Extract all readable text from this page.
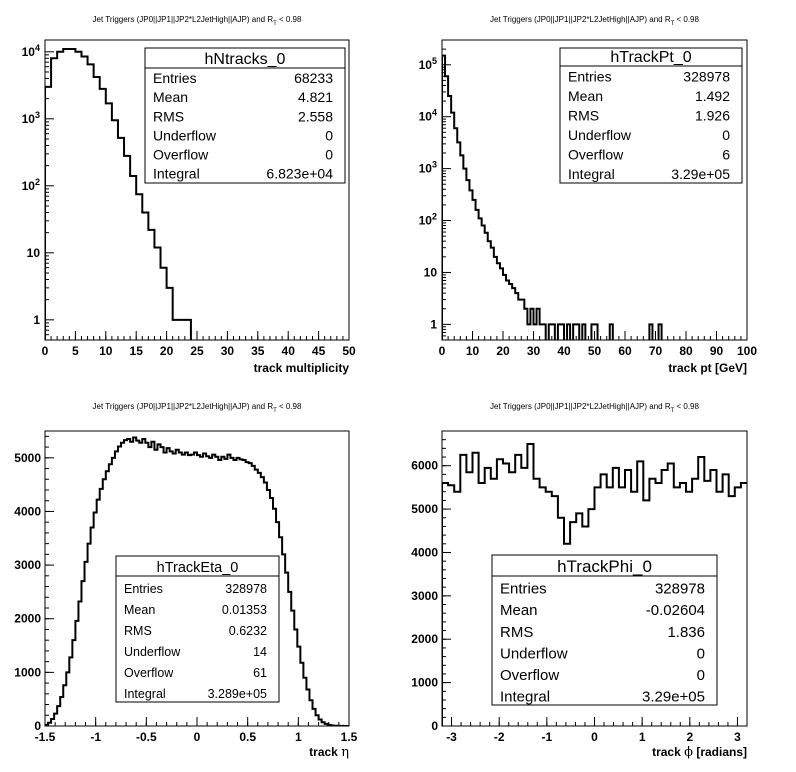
Jet Triggers (JP0||JP1||JP2*L2JetHigh||AJP) and $R_T < 0.98$
0 5 10 15 20 25 30 35 40 45 50
1
10
$10^2$
$10^3$
$10^4$
hNtracks_0
Entries	68233
Mean	4.821
RMS	2.558
Underflow	0
Overflow	0
Integral	6.823e+04
track multiplicity
Jet Triggers (JP0||JP1||JP2*L2JetHigh||AJP) and $R_T < 0.98$
0 10 20 30 40 50 60 70 80 90 100
1
10
$10^2$
$10^3$
$10^4$
$10^5$	hTrackPt_0
Entries	328978
Mean	1.492
RMS	1.926
Underflow	0
Overflow	6
Integral	3.29e+05
track pt [GeV]
Jet Triggers (JP0||JP1||JP2*L2JetHigh||AJP) and $R_T < 0.98$
-1.5	-1	-0.5	0	0.5	1	1.5
0
1000
2000
3000
4000
5000
hTrackEta_0
Entries	328978
Mean	0.01353
RMS	0.6232
Underflow	14
Overflow	61
Integral	3.289e+05
track η
Jet Triggers (JP0||JP1||JP2*L2JetHigh||AJP) and $R_T < 0.98$
-3	-2	-1	0	1	2	3
0
1000
2000
3000
4000
5000
6000
hTrackPhi_0
Entries	328978
Mean	-0.02604
RMS	1.836
Underflow	0
Overflow	0
Integral	3.29e+05
track ϕ [radians]
